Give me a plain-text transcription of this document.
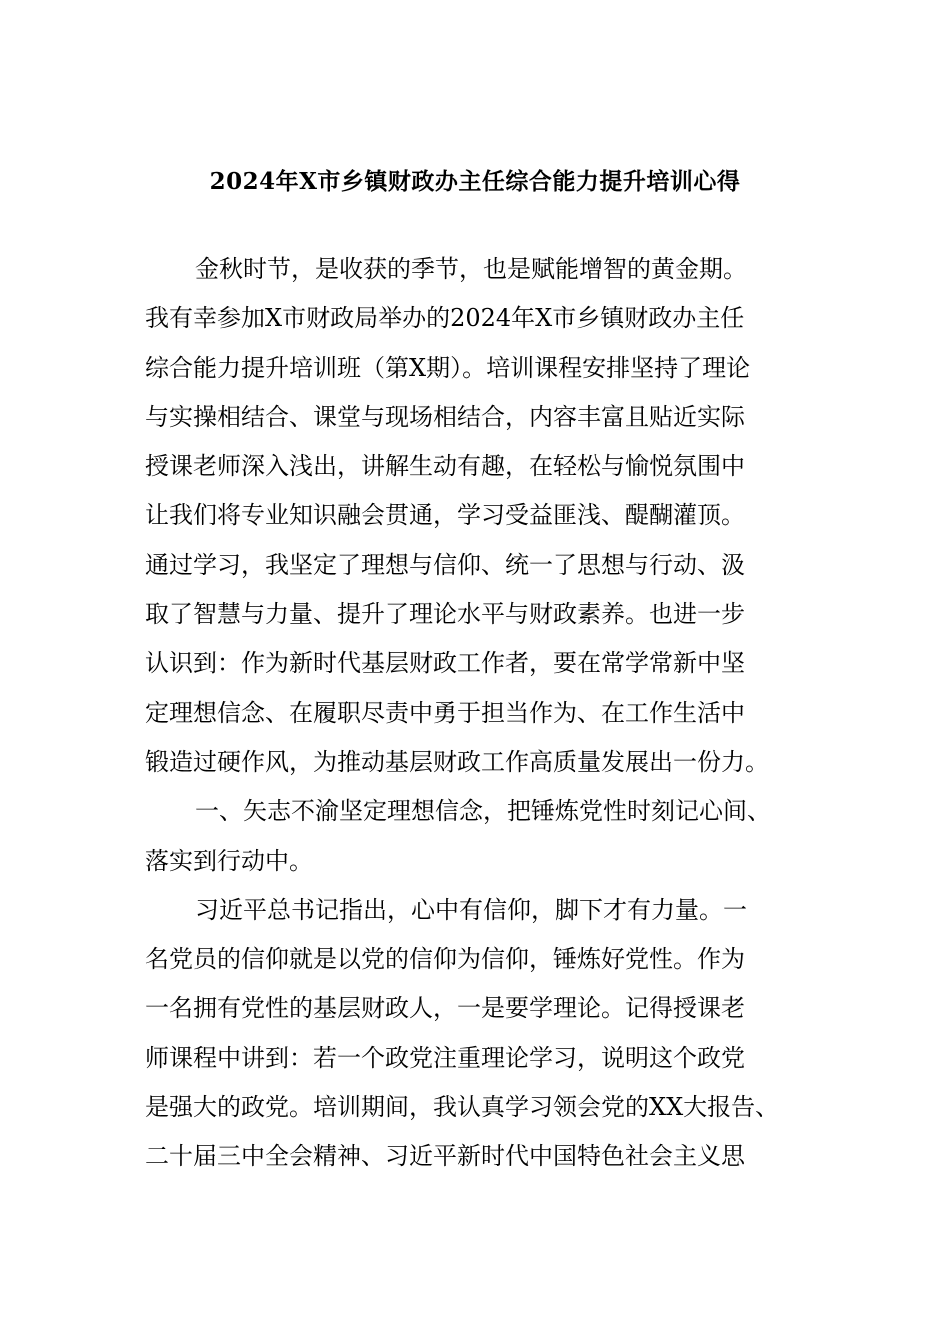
2024年X市乡镇财政办主任综合能力提升培训心得
金秋时节，是收获的季节，也是赋能增智的黄金期。
我有幸参加X市财政局举办的2024年X市乡镇财政办主任
综合能力提升培训班（第X期）。培训课程安排坚持了理论
与实操相结合、课堂与现场相结合，内容丰富且贴近实际
授课老师深入浅出，讲解生动有趣，在轻松与愉悦氛围中
让我们将专业知识融会贯通，学习受益匪浅、醍醐灌顶。
通过学习，我坚定了理想与信仰、统一了思想与行动、汲
取了智慧与力量、提升了理论水平与财政素养。也进一步
认识到：作为新时代基层财政工作者，要在常学常新中坚
定理想信念、在履职尽责中勇于担当作为、在工作生活中
锻造过硬作风，为推动基层财政工作高质量发展出一份力。
一、矢志不渝坚定理想信念，把锤炼党性时刻记心间、
落实到行动中。
习近平总书记指出，心中有信仰，脚下才有力量。一
名党员的信仰就是以党的信仰为信仰，锤炼好党性。作为
一名拥有党性的基层财政人，一是要学理论。记得授课老
师课程中讲到：若一个政党注重理论学习，说明这个政党
是强大的政党。培训期间，我认真学习领会党的XX大报告、
二十届三中全会精神、习近平新时代中国特色社会主义思
